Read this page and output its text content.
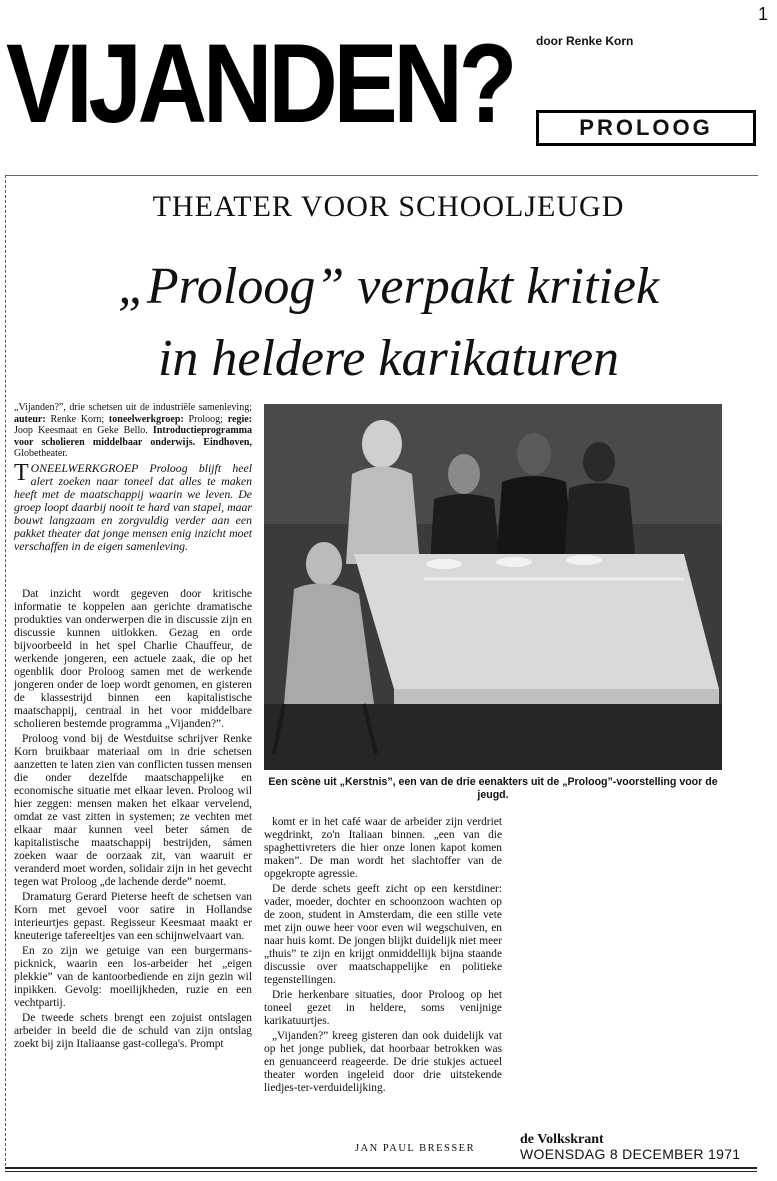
1
VIJANDEN? door Renke Korn
PROLOOG
THEATER VOOR SCHOOLJEUGD
„Proloog” verpakt kritiek
in heldere karikaturen
„Vijanden?”, drie schetsen uit de industriële samenleving; auteur: Renke Korn; toneelwerkgroep: Proloog; regie: Joop Keesmaat en Geke Bello. Introductieprogramma voor scholieren middelbaar onderwijs. Eindhoven, Globetheater.
TONEELWERKGROEP Proloog blijft heel alert zoeken naar toneel dat alles te maken heeft met de maatschappij waarin we leven. De groep loopt daarbij nooit te hard van stapel, maar bouwt langzaam en zorgvuldig verder aan een pakket theater dat jonge mensen enig inzicht moet verschaffen in de eigen samenleving.

Dat inzicht wordt gegeven door kritische informatie te koppelen aan gerichte dramatische produkties van onderwerpen die in discussie zijn en discussie kunnen uitlokken. Gezag en orde bijvoorbeeld in het spel Charlie Chauffeur, de werkende jongeren, een actuele zaak, die op het ogenblik door Proloog samen met de werkende jongeren onder de loep wordt genomen, en gisteren de klassestrijd binnen een kapitalistische maatschappij, centraal in het voor middelbare scholieren bestemde programma „Vijanden?”.

Proloog vond bij de Westduitse schrijver Renke Korn bruikbaar materiaal om in drie schetsen aanzetten te laten zien van conflicten tussen mensen die onder dezelfde maatschappelijke en economische situatie met elkaar leven. Proloog wil hier zeggen: mensen maken het elkaar vervelend, omdat ze vast zitten in systemen; ze vechten met elkaar maar kunnen veel beter sámen de kapitalistische maatschappij bestrijden, sámen zoeken waar de oorzaak zit, van waaruit er veranderd moet worden, solidair zijn in het gevecht tegen wat Proloog „de lachende derde” noemt.

Dramaturg Gerard Pieterse heeft de schetsen van Korn met gevoel voor satire in Hollandse interieurtjes gepast. Regisseur Keesmaat maakt er kneuterige tafereeltjes van een schijnwelvaart van.

En zo zijn we getuige van een burgermans-picknick, waarin een los-arbeider het „eigen plekkie” van de kantoorbediende en zijn gezin wil inpikken. Gevolg: moeilijkheden, ruzie en een vechtpartij.

De tweede schets brengt een zojuist ontslagen arbeider in beeld die de schuld van zijn ontslag zoekt bij zijn Italiaanse gast-collega's. Prompt

Een scène uit „Kerstnis”, een van de drie eenakters uit de „Proloog”-voorstelling voor de jeugd.

komt er in het café waar de arbeider zijn verdriet wegdrinkt, zo'n Italiaan binnen. „een van die spaghettivreters die hier onze lonen kapot komen maken”. De man wordt het slachtoffer van de opgekropte agressie.

De derde schets geeft zicht op een kerstdiner: vader, moeder, dochter en schoonzoon wachten op de zoon, student in Amsterdam, die een stille vete met zijn ouwe heer voor even wil wegschuiven, en naar huis komt. De jongen blijkt duidelijk niet meer „thuis” te zijn en krijgt onmiddellijk bijna staande discussie over maatschappelijke en politieke tegenstellingen.

Drie herkenbare situaties, door Proloog op het toneel gezet in heldere, soms venijnige karikatuurtjes.

„Vijanden?” kreeg gisteren dan ook duidelijk vat op het jonge publiek, dat hoorbaar betrokken was en genuanceerd reageerde. De drie stukjes actueel theater worden ingeleid door drie uitstekende liedjes-ter-verduidelijking.

JAN PAUL BRESSER
de Volkskrant
WOENSDAG 8 DECEMBER 1971
